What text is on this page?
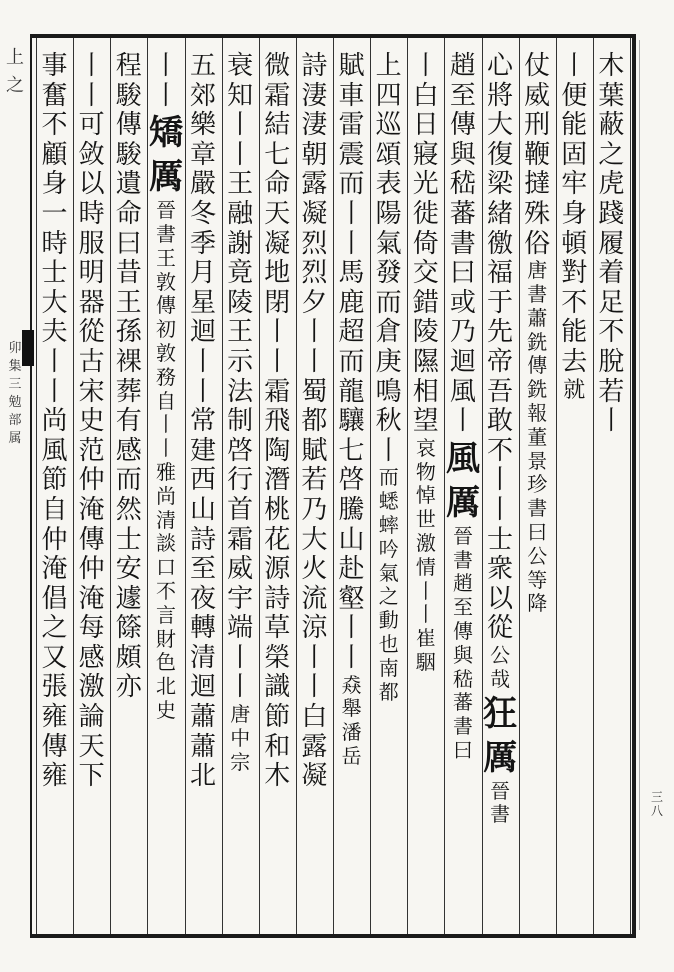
上之
卯集 三 勉 部 属
三八
木葉蔽之虎踐履着足不脫若
丨
丨便能固牢身頓對不能去
就
仗威刑鞭撻殊俗
唐書蕭銑傳銑報董景珍書曰公等降
心將大復梁緒徼福于先帝吾敢不丨丨士衆以從
公哉
狂厲
晉書
趙至傳與嵇蕃書曰或乃迴風丨
風厲
晉書趙至傳與嵇蕃書曰
丨白日寢光徙倚交錯陵隰相望
哀物悼世激情丨丨
崔駰
上四巡頌表陽氣發而倉庚鳴秋丨
而蟋蟀吟氣之動也南都
賦車雷震而丨丨馬鹿超而龍驤七啓騰山赴壑丨丨
猋舉潘岳
詩淒淒朝露凝烈烈夕丨丨蜀都賦若乃大火流涼丨丨白露凝
微霜結七命天凝地閉丨丨霜飛陶潛桃花源詩草榮識節和木
衰知丨丨王融謝竟陵王示法制啓行首霜威宇端丨丨
唐中宗
五
郊樂章嚴冬季月星迴丨丨常建西山詩至夜轉清迴蕭蕭北
丨丨
矯厲
晉書王敦傳初敦務自丨丨雅尚清談口不言財色北史
程駿傳駿遺命曰昔王孫裸葬有感而然士安遽篨頗亦
丨丨可敛以時服明器從古宋史范仲淹傳仲淹每感激論天下
事奮不顧身一時士大夫丨丨尚風節自仲淹倡之又張雍傳雍
